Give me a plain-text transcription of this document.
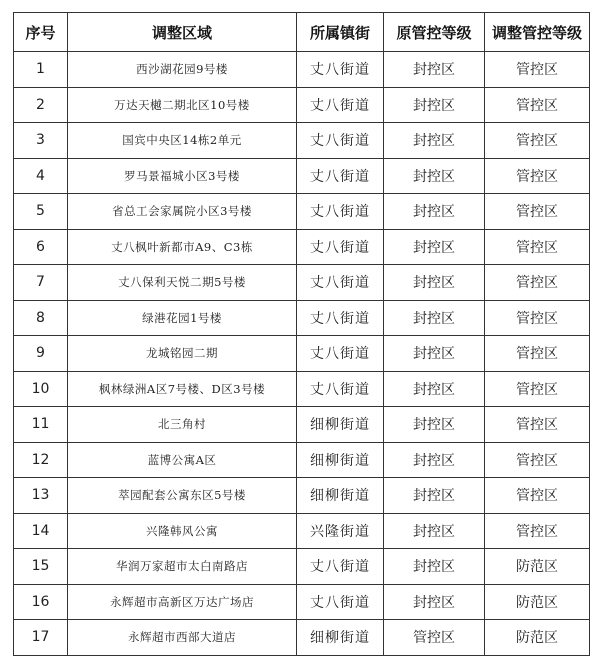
序号	调整区域	所属镇街	原管控等级	调整管控等级
1	西沙湖花园9号楼	丈八街道	封控区	管控区
2	万达天樾二期北区10号楼	丈八街道	封控区	管控区
3	国宾中央区14栋2单元	丈八街道	封控区	管控区
4	罗马景福城小区3号楼	丈八街道	封控区	管控区
5	省总工会家属院小区3号楼	丈八街道	封控区	管控区
6	丈八枫叶新都市A9、C3栋	丈八街道	封控区	管控区
7	丈八保利天悦二期5号楼	丈八街道	封控区	管控区
8	绿港花园1号楼	丈八街道	封控区	管控区
9	龙城铭园二期	丈八街道	封控区	管控区
10	枫林绿洲A区7号楼、D区3号楼	丈八街道	封控区	管控区
11	北三角村	细柳街道	封控区	管控区
12	蓝博公寓A区	细柳街道	封控区	管控区
13	萃园配套公寓东区5号楼	细柳街道	封控区	管控区
14	兴隆韩风公寓	兴隆街道	封控区	管控区
15	华润万家超市太白南路店	丈八街道	封控区	防范区
16	永辉超市高新区万达广场店	丈八街道	封控区	防范区
17	永辉超市西部大道店	细柳街道	管控区	防范区
